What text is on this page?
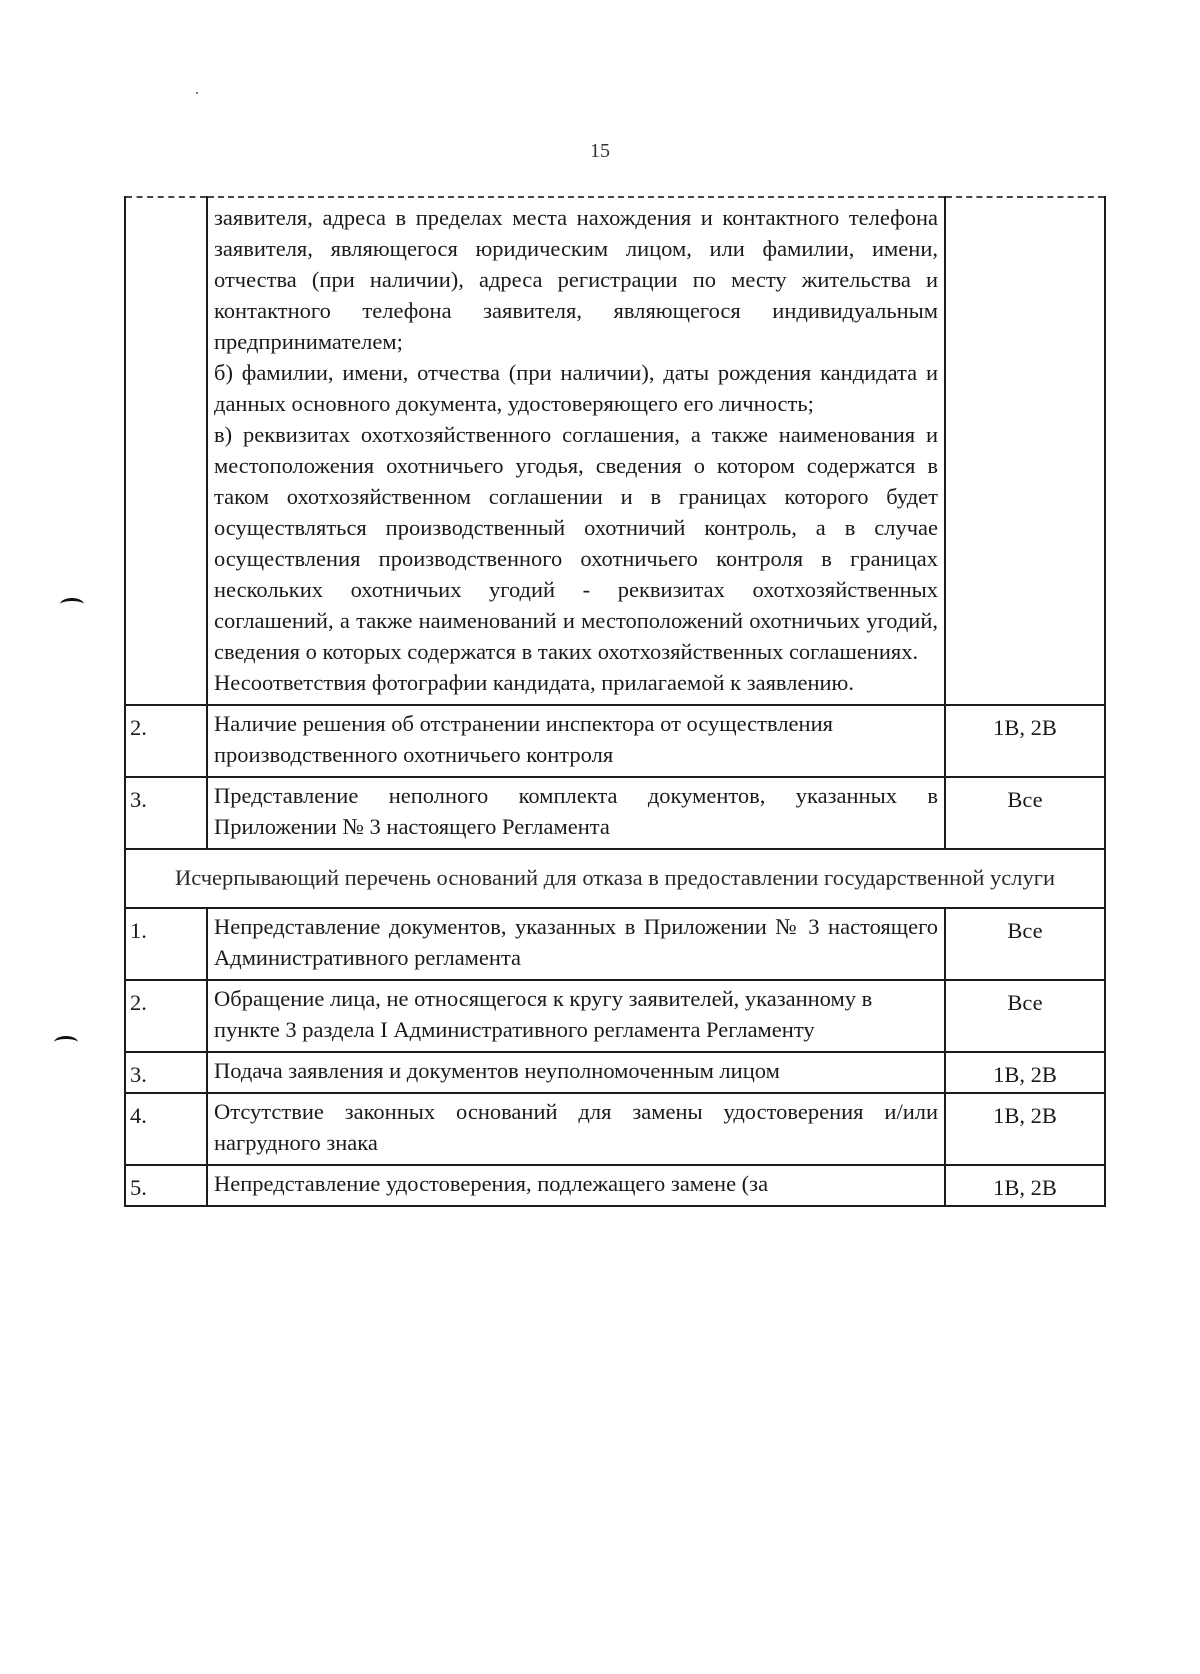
15

	заявителя, адреса в пределах места нахождения и контактного телефона заявителя, являющегося юридическим лицом, или фамилии, имени, отчества (при наличии), адреса регистрации по месту жительства и контактного телефона заявителя, являющегося индивидуальным предпринимателем;

б) фамилии, имени, отчества (при наличии), даты рождения кандидата и данных основного документа, удостоверяющего его личность;

в) реквизитах охотхозяйственного соглашения, а также наименования и местоположения охотничьего угодья, сведения о котором содержатся в таком охотхозяйственном соглашении и в границах которого будет осуществляться производственный охотничий контроль, а в случае осуществления производственного охотничьего контроля в границах нескольких охотничьих угодий - реквизитах охотхозяйственных соглашений, а также наименований и местоположений охотничьих угодий, сведения о которых содержатся в таких охотхозяйственных соглашениях.

Несоответствия фотографии кандидата, прилагаемой к заявлению.	

2.	Наличие решения об отстранении инспектора от осуществления производственного охотничьего контроля	1В, 2В
3.	Представление неполного комплекта документов, указанных в Приложении № 3 настоящего Регламента	Все
Исчерпывающий перечень оснований для отказа в предоставлении государственной услуги		
1.	Непредставление документов, указанных в Приложении № 3 настоящего Административного регламента	Все
2.	Обращение лица, не относящегося к кругу заявителей, указанному в пункте 3 раздела I Административного регламента Регламенту	Все
3.	Подача заявления и документов неуполномоченным лицом	1В, 2В
4.	Отсутствие законных оснований для замены удостоверения и/или нагрудного знака	1В, 2В
5.	Непредставление удостоверения, подлежащего замене (за	1В, 2В
